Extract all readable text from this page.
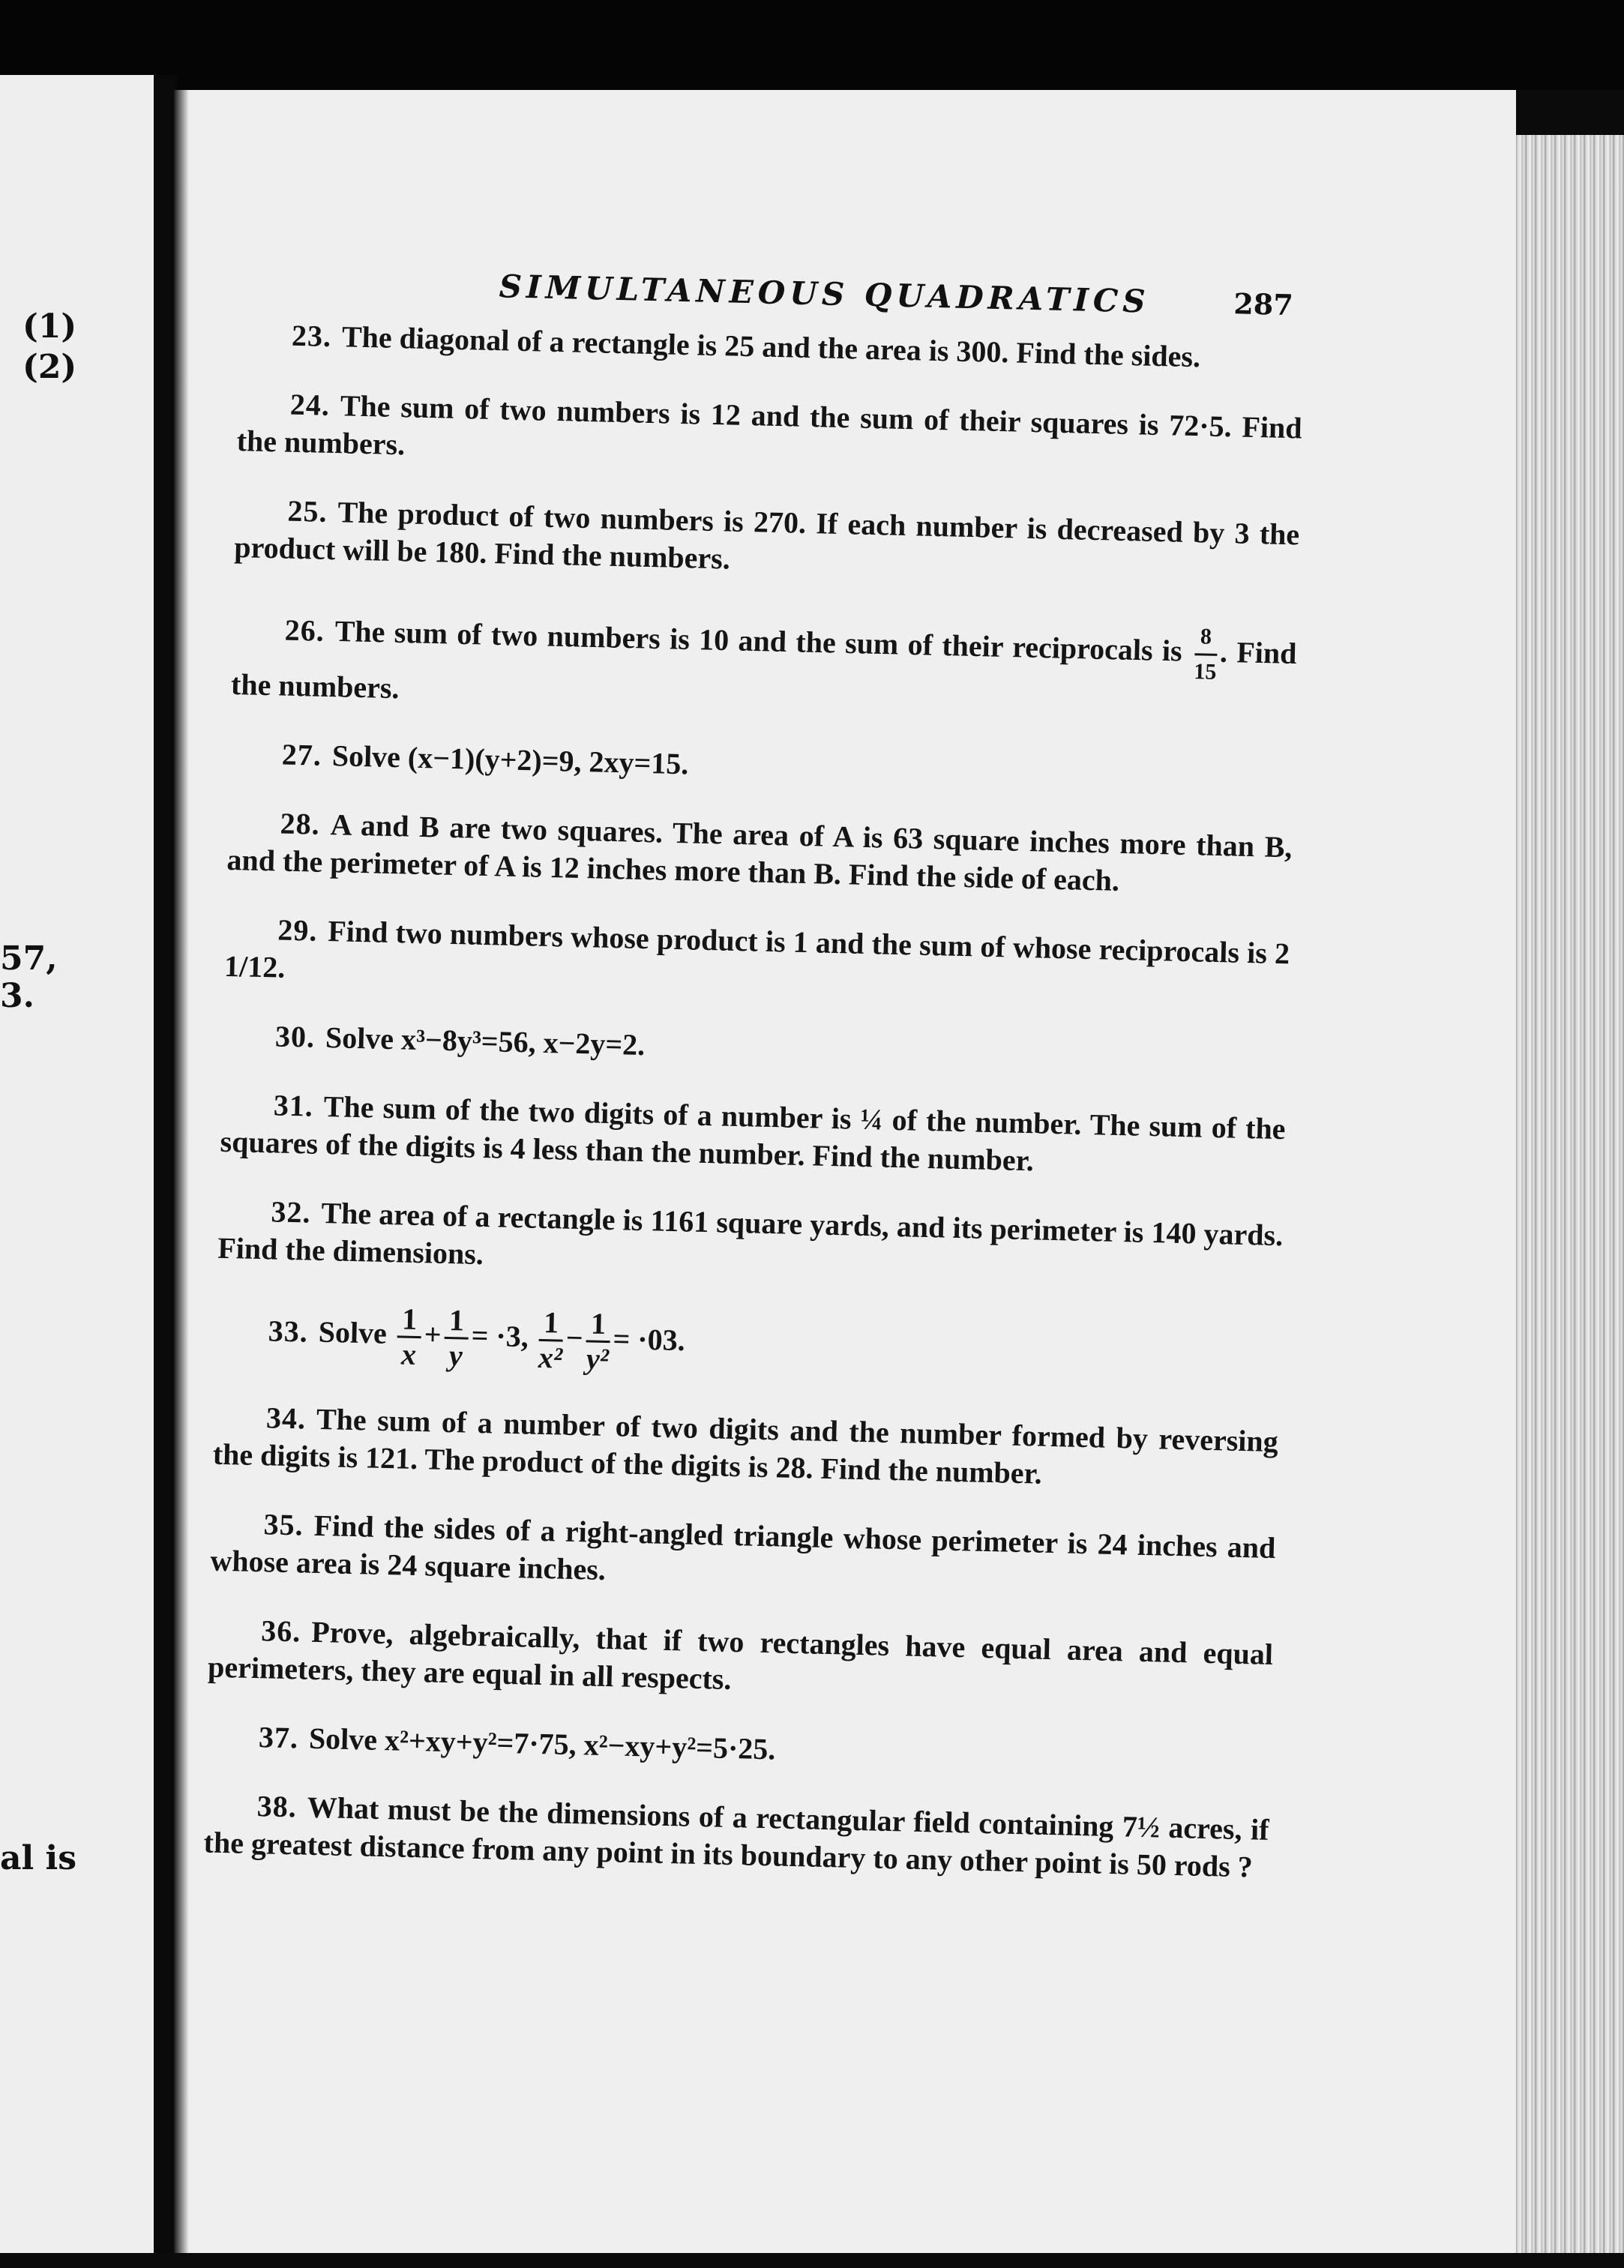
(1)
(2)
57,
3.
al is
SIMULTANEOUS QUADRATICS	287

23. The diagonal of a rectangle is 25 and the area is 300. Find the sides.

24. The sum of two numbers is 12 and the sum of their squares is 72·5. Find the numbers.

25. The product of two numbers is 270. If each number is decreased by 3 the product will be 180. Find the numbers.

26. The sum of two numbers is 10 and the sum of their reciprocals is $\frac{8}{15}$ . Find the numbers.

27. Solve (x−1)(y+2)=9, 2xy=15.

28. A and B are two squares. The area of A is 63 square inches more than B, and the perimeter of A is 12 inches more than B. Find the side of each.

29. Find two numbers whose product is 1 and the sum of whose reciprocals is 2 1/12.

30. Solve x³−8y³=56, x−2y=2.

31. The sum of the two digits of a number is ¼ of the number. The sum of the squares of the digits is 4 less than the number. Find the number.

32. The area of a rectangle is 1161 square yards, and its perimeter is 140 yards. Find the dimensions.

33. Solve $\frac{1}{x} + \frac{1}{y} = \cdot 3$, $\frac{1}{\text{x²}} - \frac{1}{\text{y²}} = \cdot 03$.

34. The sum of a number of two digits and the number formed by reversing the digits is 121. The product of the digits is 28. Find the number.

35. Find the sides of a right-angled triangle whose perimeter is 24 inches and whose area is 24 square inches.

36. Prove, algebraically, that if two rectangles have equal area and equal perimeters, they are equal in all respects.

37. Solve x²+xy+y²=7·75, x²−xy+y²=5·25.

38. What must be the dimensions of a rectangular field containing 7½ acres, if the greatest distance from any point in its boundary to any other point is 50 rods ?
